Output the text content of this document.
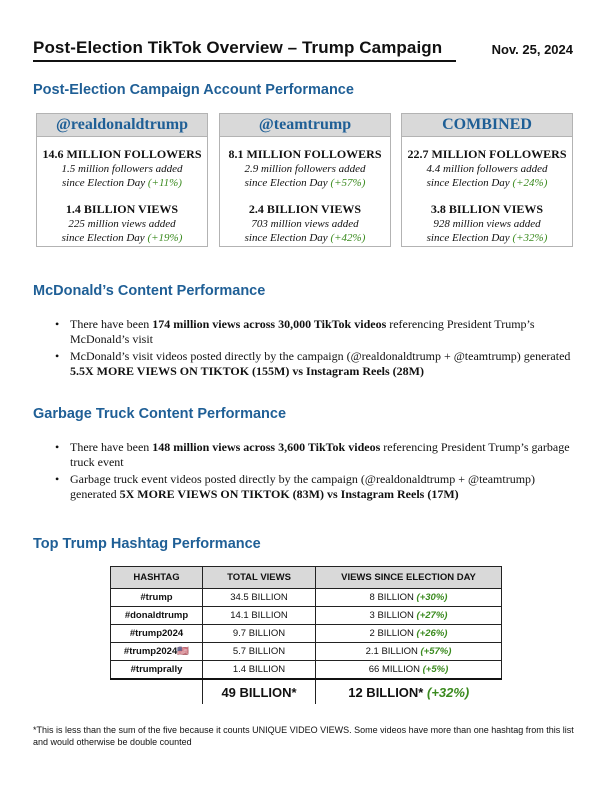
Post-Election TikTok Overview – Trump Campaign	Nov. 25, 2024
Post-Election Campaign Account Performance
@realdonaldtrump
14.6 MILLION FOLLOWERS
1.5 million followers added
since Election Day (+11%)
1.4 BILLION VIEWS
225 million views added
since Election Day (+19%)
@teamtrump
8.1 MILLION FOLLOWERS
2.9 million followers added
since Election Day (+57%)
2.4 BILLION VIEWS
703 million views added
since Election Day (+42%)
COMBINED
22.7 MILLION FOLLOWERS
4.4 million followers added
since Election Day (+24%)
3.8 BILLION VIEWS
928 million views added
since Election Day (+32%)
McDonald’s Content Performance
• There have been 174 million views across 30,000 TikTok videos referencing President Trump’s McDonald’s visit
• McDonald’s visit videos posted directly by the campaign (@realdonaldtrump + @teamtrump) generated 5.5X MORE VIEWS ON TIKTOK (155M) vs Instagram Reels (28M)
Garbage Truck Content Performance
• There have been 148 million views across 3,600 TikTok videos referencing President Trump’s garbage truck event
• Garbage truck event videos posted directly by the campaign (@realdonaldtrump + @teamtrump) generated 5X MORE VIEWS ON TIKTOK (83M) vs Instagram Reels (17M)
Top Trump Hashtag Performance
HASHTAG	TOTAL VIEWS	VIEWS SINCE ELECTION DAY
#trump	34.5 BILLION	8 BILLION (+30%)
#donaldtrump	14.1 BILLION	3 BILLION (+27%)
#trump2024	9.7 BILLION	2 BILLION (+26%)
#trump2024🇺🇸	5.7 BILLION	2.1 BILLION (+57%)
#trumprally	1.4 BILLION	66 MILLION (+5%)
	49 BILLION*	12 BILLION* (+32%)
*This is less than the sum of the five because it counts UNIQUE VIDEO VIEWS. Some videos have more than one hashtag from this list and would otherwise be double counted
